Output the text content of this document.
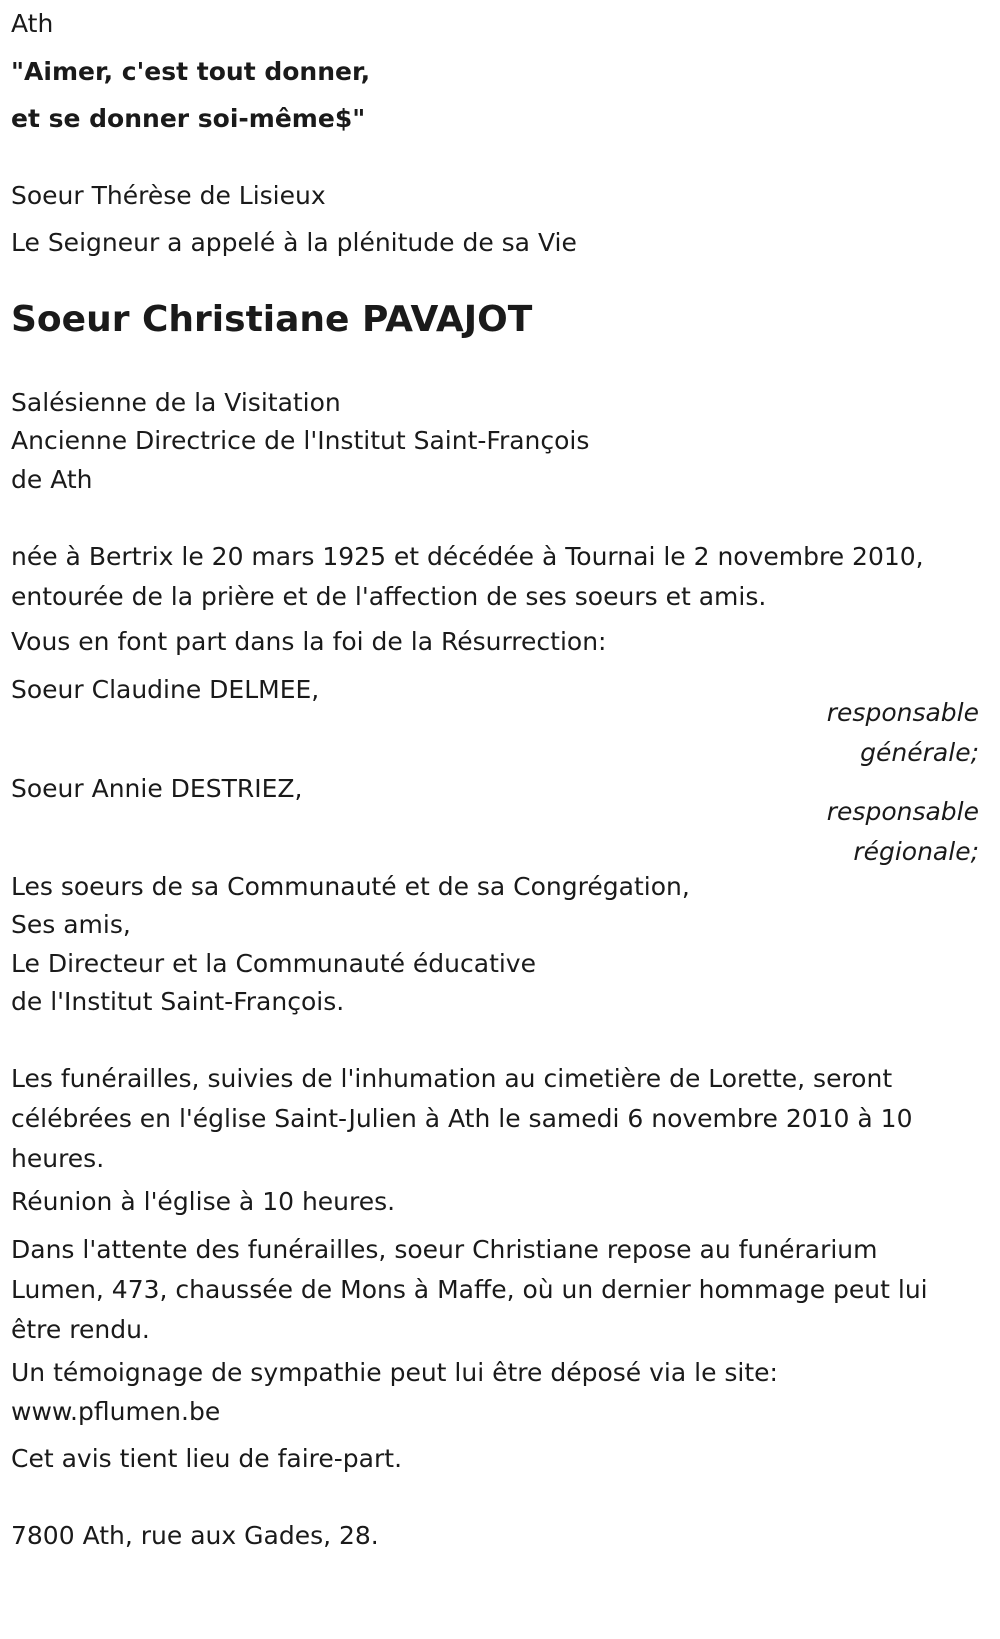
Ath
"Aimer, c'est tout donner,
et se donner soi-même$"
Soeur Thérèse de Lisieux
Le Seigneur a appelé à la plénitude de sa Vie
Soeur Christiane PAVAJOT
Salésienne de la Visitation
Ancienne Directrice de l'Institut Saint-François
de Ath
née à Bertrix le 20 mars 1925 et décédée à Tournai le 2 novembre 2010, entourée de la prière et de l'affection de ses soeurs et amis.
Vous en font part dans la foi de la Résurrection:
Soeur Claudine DELMEE,
responsable
générale;
Soeur Annie DESTRIEZ,
responsable
régionale;
Les soeurs de sa Communauté et de sa Congrégation,
Ses amis,
Le Directeur et la Communauté éducative
de l'Institut Saint-François.
Les funérailles, suivies de l'inhumation au cimetière de Lorette, seront célébrées en l'église Saint-Julien à Ath le samedi 6 novembre 2010 à 10 heures.
Réunion à l'église à 10 heures.
Dans l'attente des funérailles, soeur Christiane repose au funérarium Lumen, 473, chaussée de Mons à Maffe, où un dernier hommage peut lui être rendu.
Un témoignage de sympathie peut lui être déposé via le site:
www.pflumen.be
Cet avis tient lieu de faire-part.
7800 Ath, rue aux Gades, 28.
